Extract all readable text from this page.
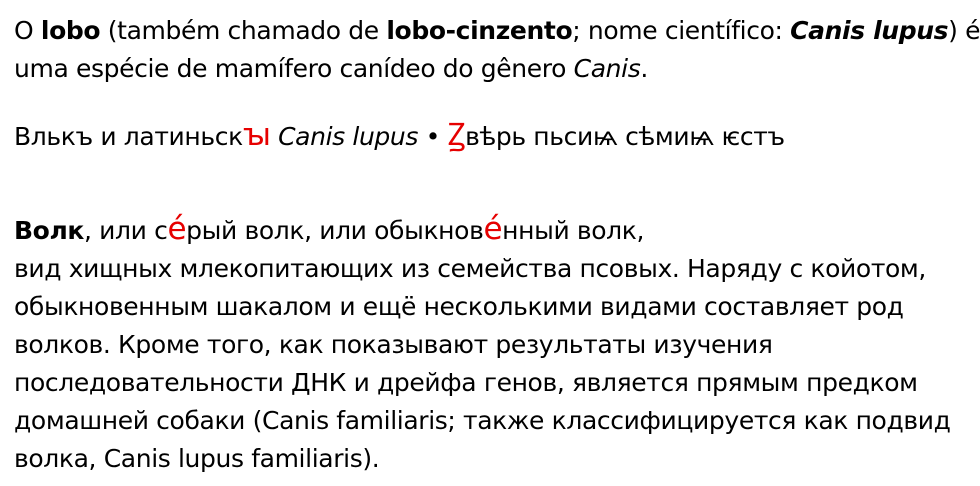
O lobo (também chamado de lobo-cinzento; nome científico: Canis lupus) é
uma espécie de mamífero canídeo do gênero Canis.

Влькъ и латиньскꙑ Canis lupus • Ꙁвѣрь пьсиѩ сѣмиѩ ѥстъ

Волк, или се́рый волк, или обыкнове́нный волк,
вид хищных млекопитающих из семейства псовых. Наряду с койотом,
обыкновенным шакалом и ещё несколькими видами составляет род
волков. Кроме того, как показывают результаты изучения
последовательности ДНК и дрейфа генов, является прямым предком
домашней собаки (Canis familiaris; также классифицируется как подвид
волка, Canis lupus familiaris).
